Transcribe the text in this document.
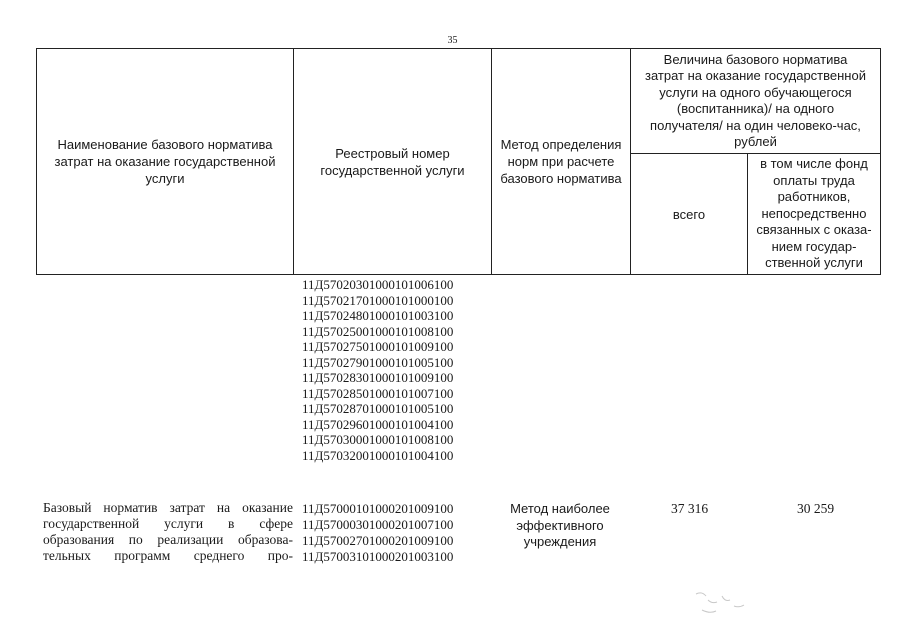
35
Наименование базового норматива затрат на оказание государственной услуги
Реестровый номер государственной услуги
Метод определения норм при расчете базового норматива
Величина базового норматива
затрат на оказание государственной
услуги на одного обучающегося
(воспитанника)/ на одного
получателя/ на один человеко-час,
рублей
всего
в том числе фонд
оплаты труда
работников,
непосредственно
связанных с оказа-
нием государ-
ственной услуги
11Д57020301000101006100
11Д57021701000101000100
11Д57024801000101003100
11Д57025001000101008100
11Д57027501000101009100
11Д57027901000101005100
11Д57028301000101009100
11Д57028501000101007100
11Д57028701000101005100
11Д57029601000101004100
11Д57030001000101008100
11Д57032001000101004100
Базовый норматив затрат на оказание
государственной услуги в сфере
образования по реализации образова-
тельных программ среднего про-
11Д57000101000201009100
11Д57000301000201007100
11Д57002701000201009100
11Д57003101000201003100
Метод наиболее
эффективного
учреждения
37 316	30 259
